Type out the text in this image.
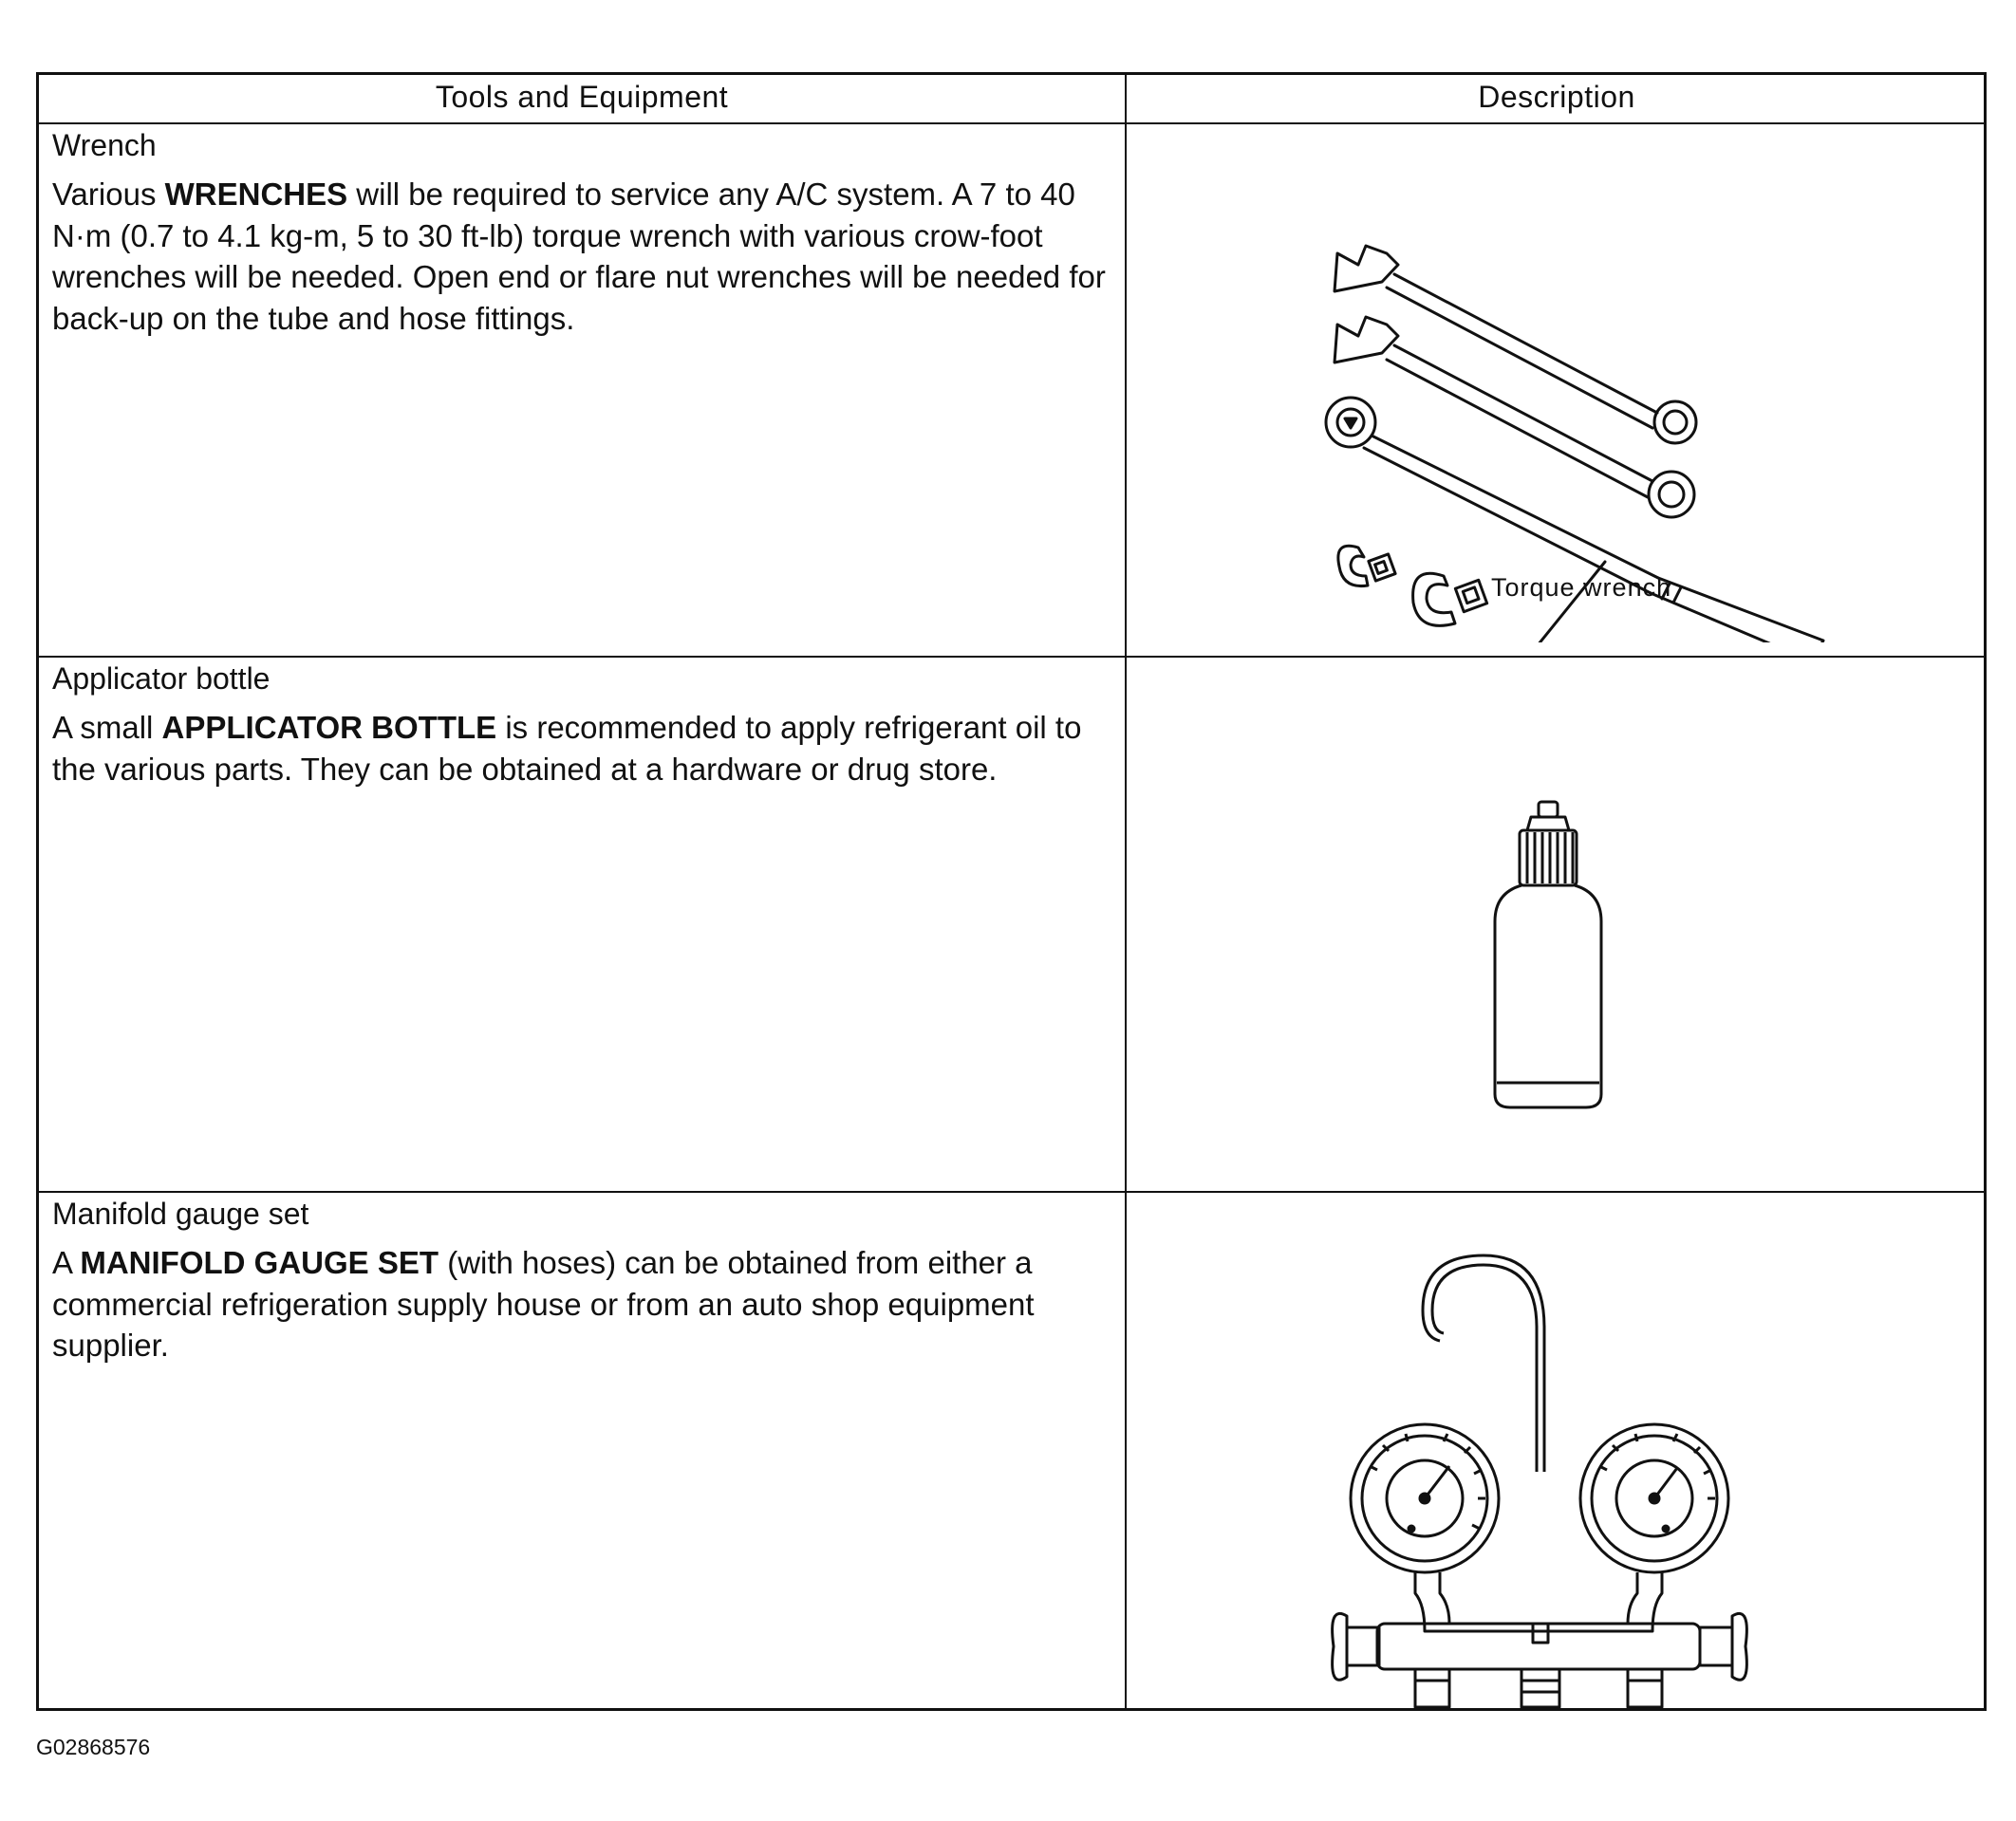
Tools and Equipment	Description

Wrench

Various WRENCHES will be required to service any A/C system. A 7 to 40 N·m (0.7 to 4.1 kg-m, 5 to 30 ft-lb) torque wrench with various crow-foot wrenches will be needed. Open end or flare nut wrenches will be needed for back-up on the tube and hose fittings.

Torque wrench

Applicator bottle

A small APPLICATOR BOTTLE is recommended to apply refrigerant oil to the various parts. They can be obtained at a hardware or drug store.

Manifold gauge set

A MANIFOLD GAUGE SET (with hoses) can be obtained from either a commercial refrigeration supply house or from an auto shop equipment supplier.

G02868576
